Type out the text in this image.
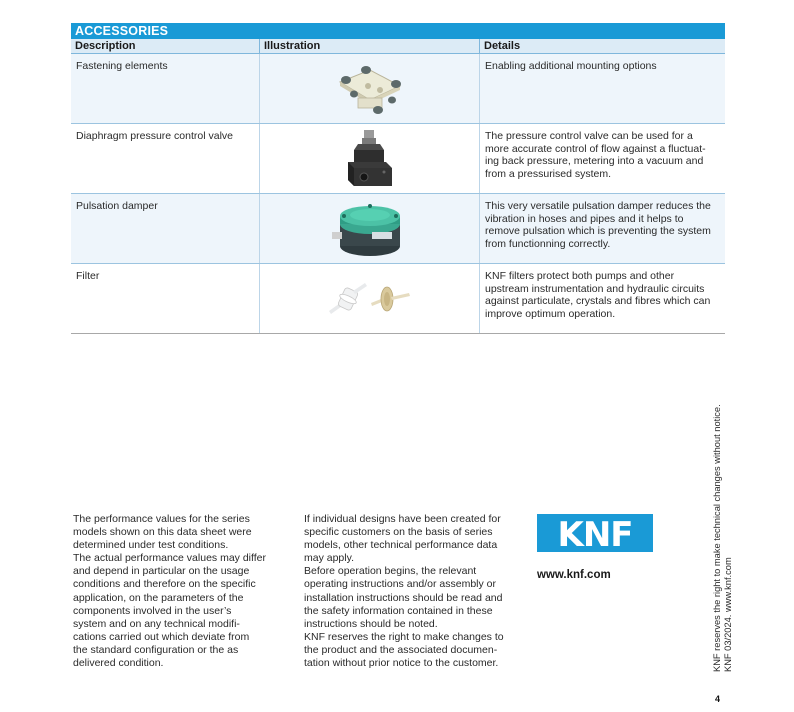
ACCESSORIES
Description	Illustration	Details
Fastening elements	Enabling additional mounting options
Diaphragm pressure control valve	The pressure control valve can be used for a
more accurate control of flow against a fluctuat-
ing back pressure, metering into a vacuum and
from a pressurised system.
Pulsation damper	This very versatile pulsation damper reduces the
vibration in hoses and pipes and it helps to
remove pulsation which is preventing the system
from functionning correctly.
Filter	KNF filters protect both pumps and other
upstream instrumentation and hydraulic circuits
against particulate, crystals and fibres which can
improve optimum operation.

The performance values for the series
models shown on this data sheet were
determined under test conditions.
The actual performance values may differ
and depend in particular on the usage
conditions and therefore on the specific
application, on the parameters of the
components involved in the user’s
system and on any technical modifi-
cations carried out which deviate from
the standard configuration or the as
delivered condition.

If individual designs have been created for
specific customers on the basis of series
models, other technical performance data
may apply.
Before operation begins, the relevant
operating instructions and/or assembly or
installation instructions should be read and
the safety information contained in these
instructions should be noted.
KNF reserves the right to make changes to
the product and the associated documen-
tation without prior notice to the customer.

KNF
www.knf.com	KNF reserves the right to make technical changes without notice. KNF 03/2024. www.knf.com
4
